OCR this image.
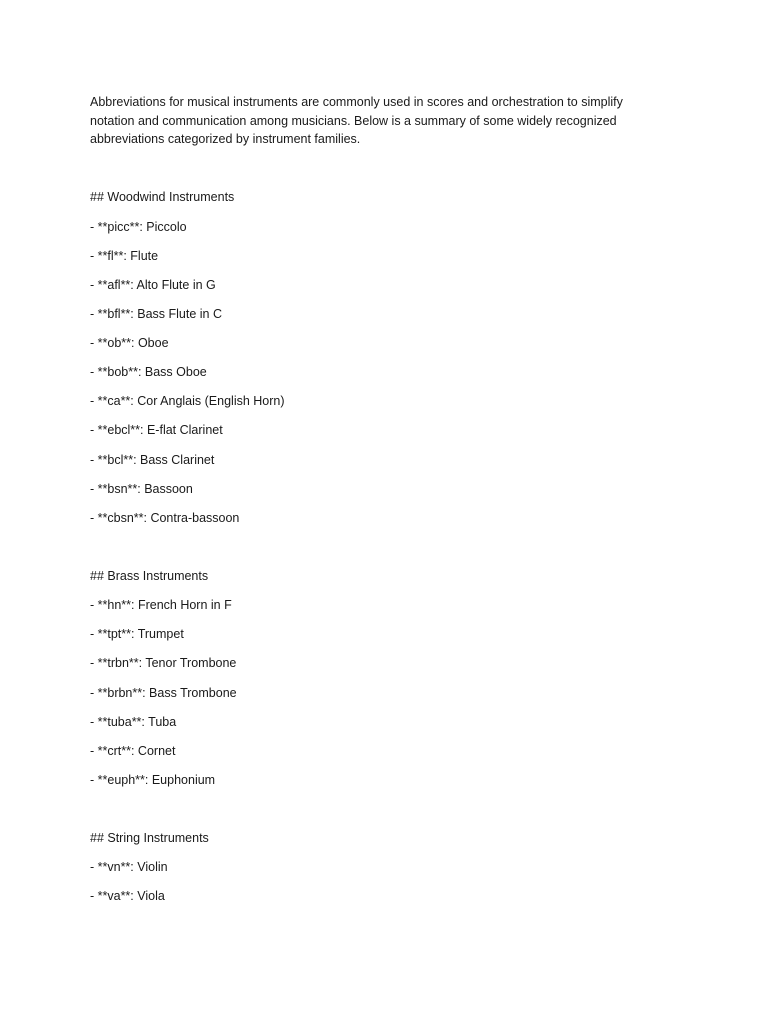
Abbreviations for musical instruments are commonly used in scores and orchestration to simplify notation and communication among musicians. Below is a summary of some widely recognized abbreviations categorized by instrument families.

## Woodwind Instruments

- **picc**: Piccolo

- **fl**: Flute

- **afl**: Alto Flute in G

- **bfl**: Bass Flute in C

- **ob**: Oboe

- **bob**: Bass Oboe

- **ca**: Cor Anglais (English Horn)

- **ebcl**: E-flat Clarinet

- **bcl**: Bass Clarinet

- **bsn**: Bassoon

- **cbsn**: Contra-bassoon

## Brass Instruments

- **hn**: French Horn in F

- **tpt**: Trumpet

- **trbn**: Tenor Trombone

- **brbn**: Bass Trombone

- **tuba**: Tuba

- **crt**: Cornet

- **euph**: Euphonium

## String Instruments

- **vn**: Violin

- **va**: Viola
